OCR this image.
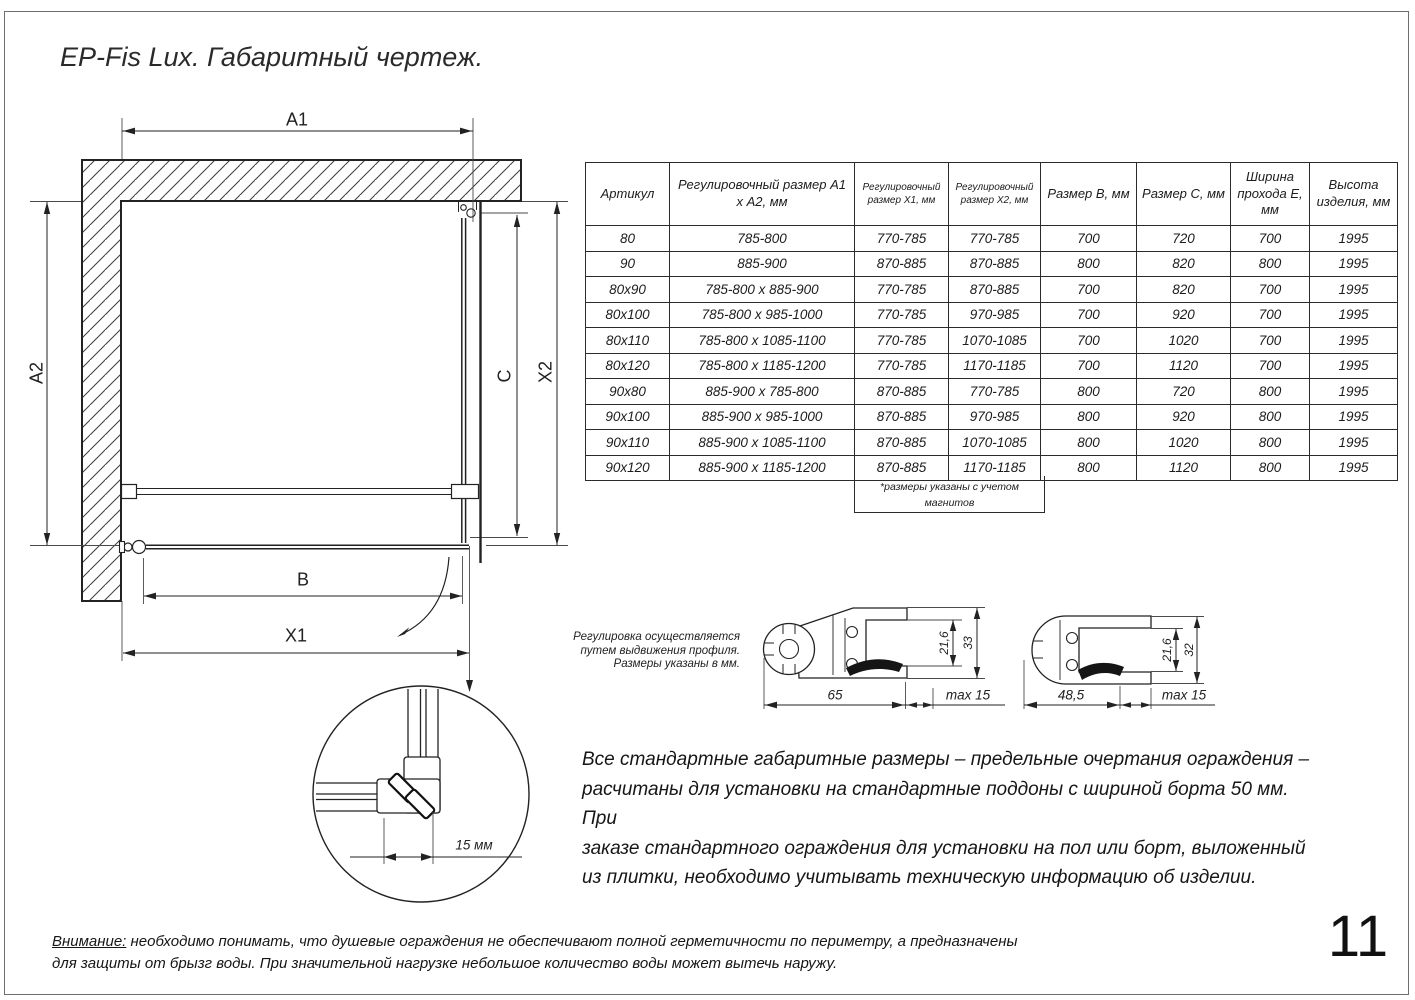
EP-Fis Lux. Габаритный чертеж.
A1
A2	C X2
B
X1
15 мм
65	max 15
21,6 33
48,5	max 15
21,6 32
Регулировка осуществляется
путем выдвижения профиля.
Размеры указаны в мм.
Артикул	Регулировочный размер A1 х A2, мм	Регулировочный размер X1, мм	Регулировочный размер X2, мм	Размер B, мм	Размер C, мм	Ширина прохода E, мм	Высота изделия, мм
80	785-800	770-785	770-785	700	720	700	1995
90	885-900	870-885	870-885	800	820	800	1995
80x90	785-800 x 885-900	770-785	870-885	700	820	700	1995
80x100	785-800 x 985-1000	770-785	970-985	700	920	700	1995
80x110	785-800 x 1085-1100	770-785	1070-1085	700	1020	700	1995
80x120	785-800 x 1185-1200	770-785	1170-1185	700	1120	700	1995
90x80	885-900 x 785-800	870-885	770-785	800	720	800	1995
90x100	885-900 x 985-1000	870-885	970-985	800	920	800	1995
90x110	885-900 x 1085-1100	870-885	1070-1085	800	1020	800	1995
90x120	885-900 x 1185-1200	870-885	1170-1185	800	1120	800	1995
*размеры указаны с учетом магнитов
Все стандартные габаритные размеры – предельные очертания ограждения –
расчитаны для установки на стандартные поддоны с шириной борта 50 мм. При
заказе стандартного ограждения для установки на пол или борт, выложенный
из плитки, необходимо учитывать техническую информацию об изделии.
Внимание: необходимо понимать, что душевые ограждения не обеспечивают полной герметичности по периметру, а предназначены
для защиты от брызг воды. При значительной нагрузке небольшое количество воды может вытечь наружу.	11
